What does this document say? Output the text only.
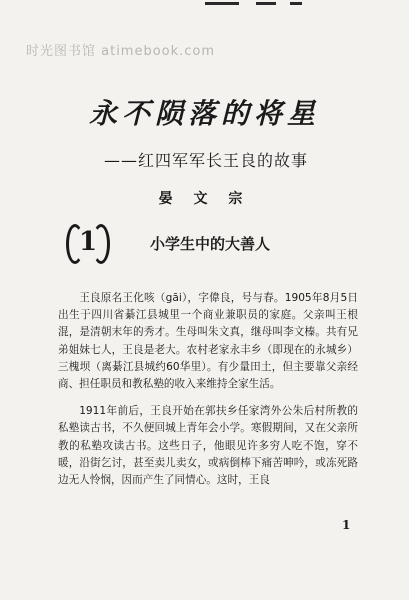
时光图书馆 atimebook.com
永不陨落的将星
——红四军军长王良的故事
晏 文 宗
1	小学生中的大善人

王良原名王化咳（gāi），字偉良，号与春。1905年8月5日出生于四川省綦江县城里一个商业兼职员的家庭。父亲叫王根混，是清朝末年的秀才。生母叫朱文真，继母叫李文榛。共有兄弟姐妹七人，王良是老大。农村老家永丰乡（即现在的永城乡）三槐坝（离綦江县城约60华里）。有少量田土，但主要靠父亲经商、担任职员和教私塾的收入来维持全家生活。

1911年前后，王良开始在郭扶乡任家湾外公朱后村所教的私塾读古书，不久便回城上青年会小学。寒假期间，又在父亲所教的私塾攻读古书。这些日子，他眼见许多穷人吃不饱，穿不暖，沿街乞讨，甚至卖儿卖女，或病倒棒下痛苦呻吟，或冻死路边无人怜悯，因而产生了同情心。这时，王良

1
